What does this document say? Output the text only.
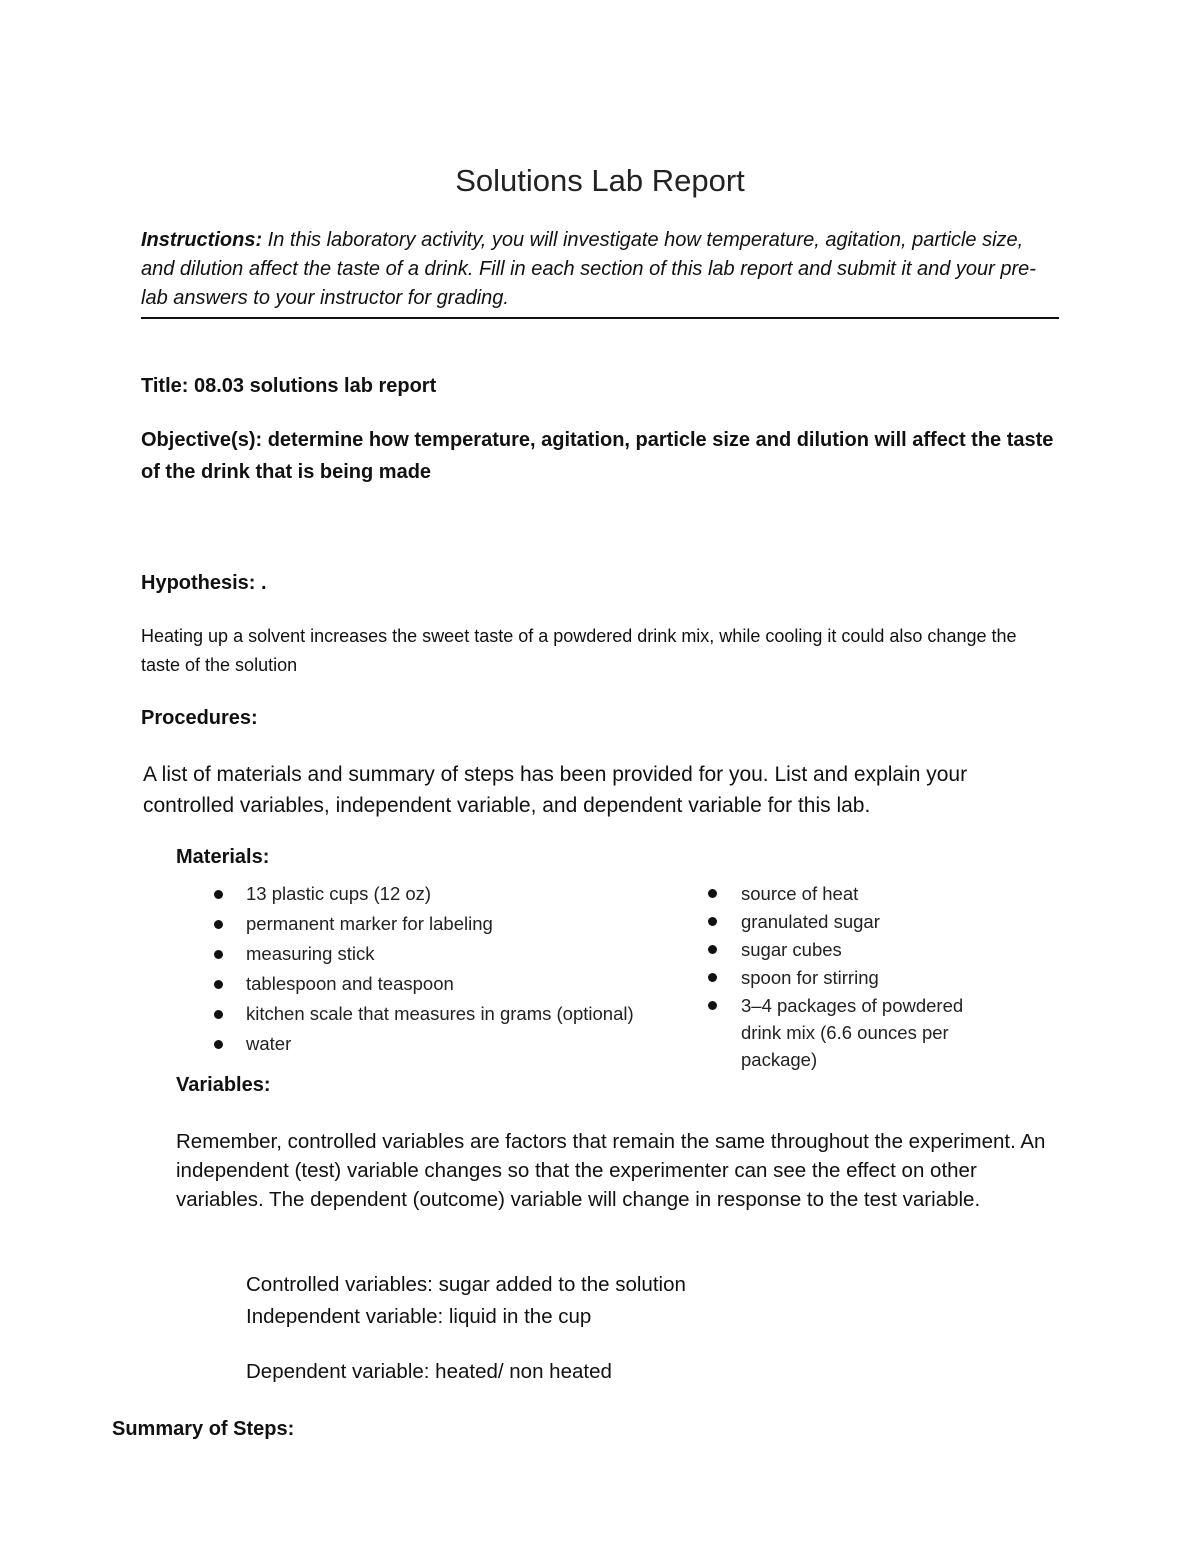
Solutions Lab Report
Instructions: In this laboratory activity, you will investigate how temperature, agitation, particle size, and dilution affect the taste of a drink. Fill in each section of this lab report and submit it and your pre-lab answers to your instructor for grading.
Title: 08.03 solutions lab report
Objective(s): determine how temperature, agitation, particle size and dilution will affect the taste of the drink that is being made
Hypothesis: .
Heating up a solvent increases the sweet taste of a powdered drink mix, while cooling it could also change the taste of the solution
Procedures:
A list of materials and summary of steps has been provided for you. List and explain your controlled variables, independent variable, and dependent variable for this lab.
Materials:
13 plastic cups (12 oz)
permanent marker for labeling
measuring stick
tablespoon and teaspoon
kitchen scale that measures in grams (optional)
water
source of heat
granulated sugar
sugar cubes
spoon for stirring
3–4 packages of powdered drink mix (6.6 ounces per package)
Variables:
Remember, controlled variables are factors that remain the same throughout the experiment. An independent (test) variable changes so that the experimenter can see the effect on other variables. The dependent (outcome) variable will change in response to the test variable.
Controlled variables: sugar added to the solution
Independent variable: liquid in the cup
Dependent variable: heated/ non heated
Summary of Steps:
